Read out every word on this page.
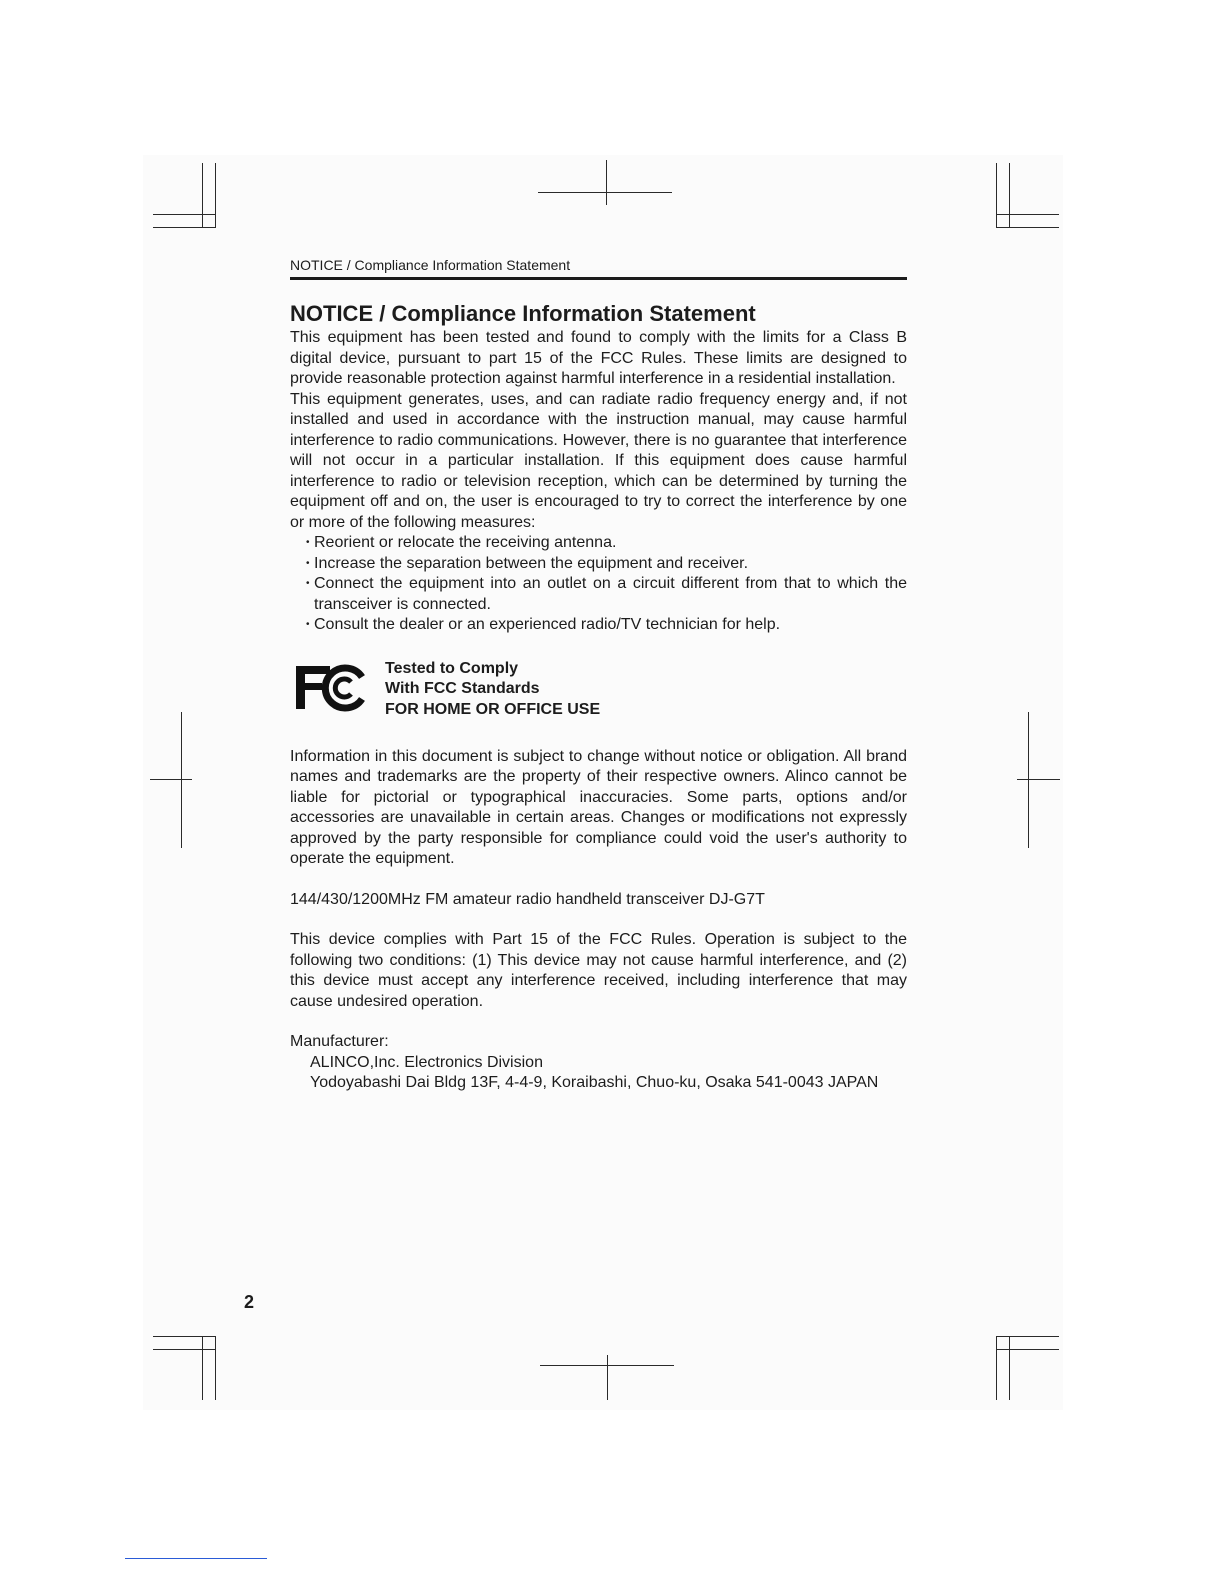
NOTICE / Compliance Information Statement
NOTICE / Compliance Information Statement

This equipment has been tested and found to comply with the limits for a Class B digital device, pursuant to part 15 of the FCC Rules. These limits are designed to provide reasonable protection against harmful interference in a residential installation.

This equipment generates, uses, and can radiate radio frequency energy and, if not installed and used in accordance with the instruction manual, may cause harmful interference to radio communications. However, there is no guarantee that interference will not occur in a particular installation. If this equipment does cause harmful interference to radio or television reception, which can be determined by turning the equipment off and on, the user is encouraged to try to correct the interference by one or more of the following measures:

• Reorient or relocate the receiving antenna.
• Increase the separation between the equipment and receiver.
• Connect the equipment into an outlet on a circuit different from that to which the transceiver is connected.
• Consult the dealer or an experienced radio/TV technician for help.
Tested to Comply
With FCC Standards
FOR HOME OR OFFICE USE

Information in this document is subject to change without notice or obligation. All brand names and trademarks are the property of their respective owners. Alinco cannot be liable for pictorial or typographical inaccuracies. Some parts, options and/or accessories are unavailable in certain areas. Changes or modifications not expressly approved by the party responsible for compliance could void the user's authority to operate the equipment.

144/430/1200MHz FM amateur radio handheld transceiver DJ-G7T

This device complies with Part 15 of the FCC Rules. Operation is subject to the following two conditions: (1) This device may not cause harmful interference, and (2) this device must accept any interference received, including interference that may cause undesired operation.

Manufacturer:
ALINCO,Inc. Electronics Division
Yodoyabashi Dai Bldg 13F, 4-4-9, Koraibashi, Chuo-ku, Osaka 541-0043 JAPAN
2
